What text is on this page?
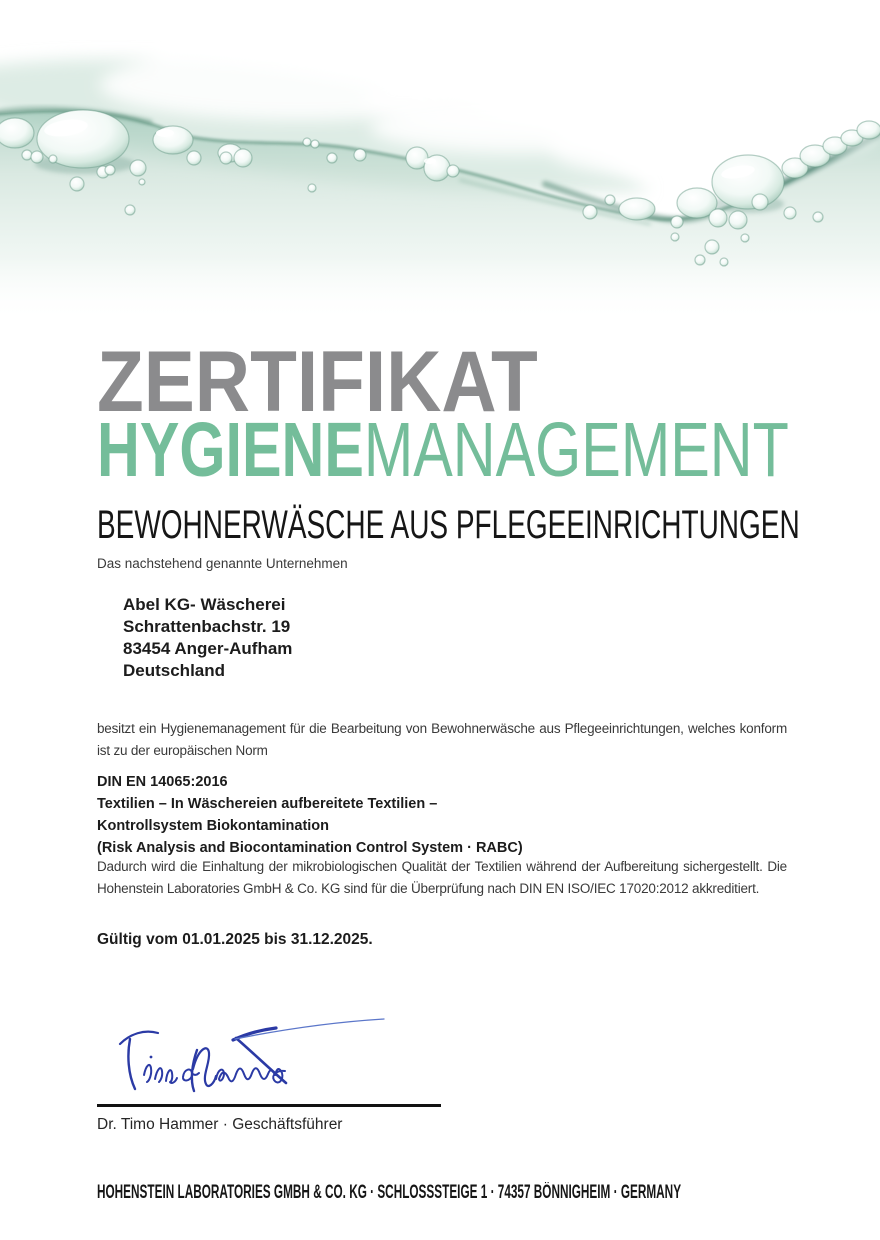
ZERTIFIKAT
HYGIENEMANAGEMENT
BEWOHNERWÄSCHE AUS PFLEGEEINRICHTUNGEN
Das nachstehend genannte Unternehmen
Abel KG- Wäscherei
Schrattenbachstr. 19
83454 Anger-Aufham
Deutschland

besitzt ein Hygienemanagement für die Bearbeitung von Bewohnerwäsche aus Pflegeeinrichtungen, welches konform ist zu der europäischen Norm

DIN EN 14065:2016
Textilien – In Wäschereien aufbereitete Textilien –
Kontrollsystem Biokontamination
(Risk Analysis and Biocontamination Control System · RABC)

Dadurch wird die Einhaltung der mikrobiologischen Qualität der Textilien während der Aufbereitung sichergestellt. Die Hohenstein Laboratories GmbH & Co. KG sind für die Überprüfung nach DIN EN ISO/IEC 17020:2012 akkreditiert.

Gültig vom 01.01.2025 bis 31.12.2025.
Dr. Timo Hammer · Geschäftsführer
HOHENSTEIN LABORATORIES GMBH & CO. KG · SCHLOSSSTEIGE 1 · 74357 BÖNNIGHEIM · GERMANY
